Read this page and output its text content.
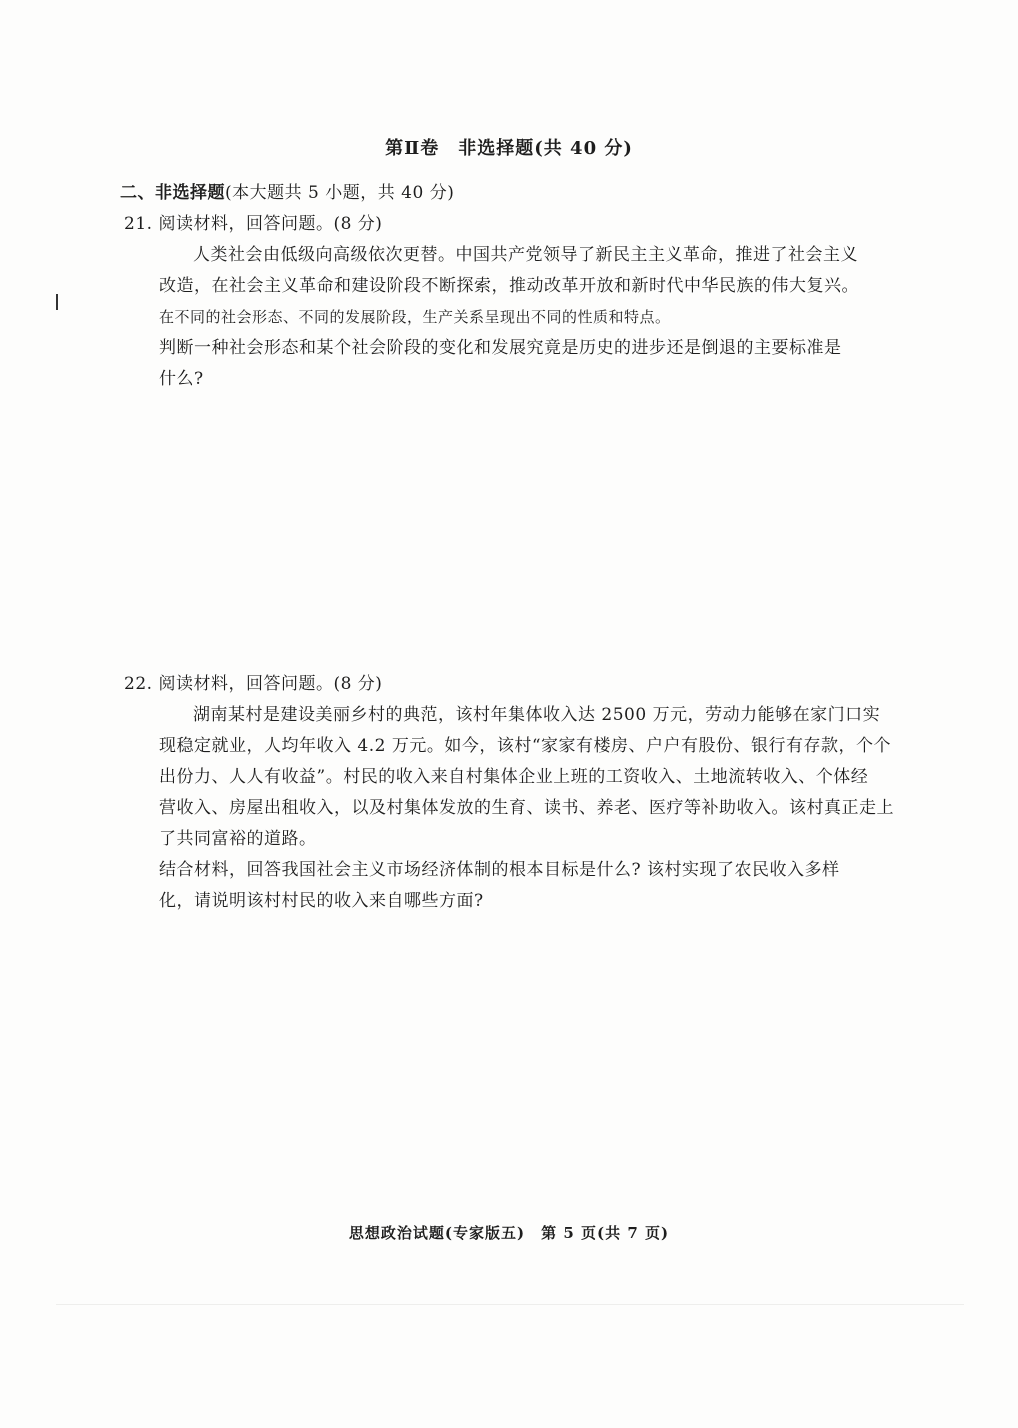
第Ⅱ卷　非选择题(共 40 分)
二、非选择题(本大题共 5 小题，共 40 分)
21. 阅读材料，回答问题。(8 分)
人类社会由低级向高级依次更替。中国共产党领导了新民主主义革命，推进了社会主义
改造，在社会主义革命和建设阶段不断探索，推动改革开放和新时代中华民族的伟大复兴。
在不同的社会形态、不同的发展阶段，生产关系呈现出不同的性质和特点。
判断一种社会形态和某个社会阶段的变化和发展究竟是历史的进步还是倒退的主要标准是
什么?
22. 阅读材料，回答问题。(8 分)
湖南某村是建设美丽乡村的典范，该村年集体收入达 2500 万元，劳动力能够在家门口实
现稳定就业，人均年收入 4.2 万元。如今，该村“家家有楼房、户户有股份、银行有存款，个个
出份力、人人有收益”。村民的收入来自村集体企业上班的工资收入、土地流转收入、个体经
营收入、房屋出租收入，以及村集体发放的生育、读书、养老、医疗等补助收入。该村真正走上
了共同富裕的道路。
结合材料，回答我国社会主义市场经济体制的根本目标是什么? 该村实现了农民收入多样
化，请说明该村村民的收入来自哪些方面?
思想政治试题(专家版五)　第 5 页(共 7 页)
